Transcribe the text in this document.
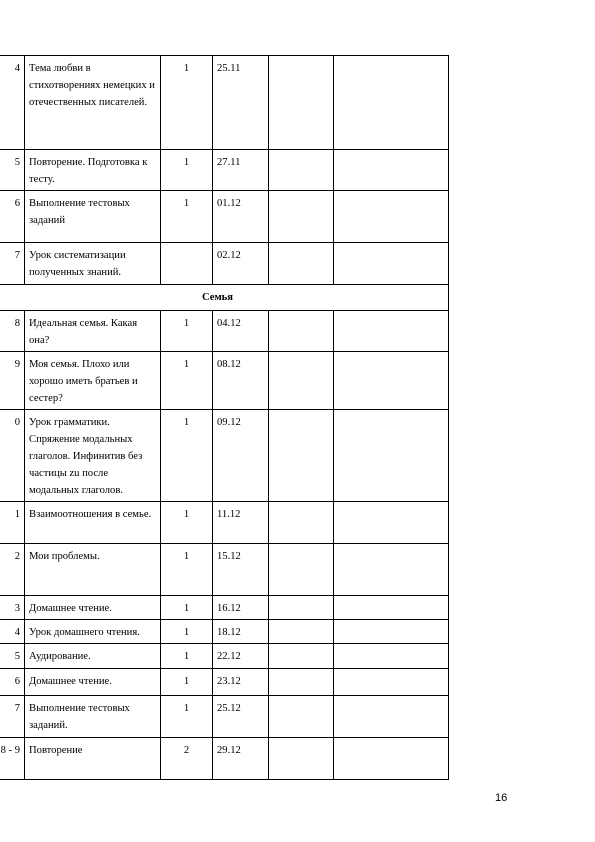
4	Тема любви в стихотворениях немецких и отечественных писателей.	1	25.11		
5	Повторение. Подготовка к тесту.	1	27.11		
6	Выполнение тестовых заданий	1	01.12		
7	Урок систематизации полученных знаний.		02.12		
Семья					
8	Идеальная семья. Какая она?	1	04.12		
9	Моя семья. Плохо или хорошо иметь братьев и сестер?	1	08.12		
0	Урок грамматики. Спряжение модальных глаголов. Инфинитив без частицы zu после модальных глаголов.	1	09.12		
1	Взаимоотношения в семье.	1	11.12		
2	Мои проблемы.	1	15.12		
3	Домашнее чтение.	1	16.12		
4	Урок домашнего чтения.	1	18.12		
5	Аудирование.	1	22.12		
6	Домашнее чтение.	1	23.12		
7	Выполнение тестовых заданий.	1	25.12		
8 - 9	Повторение	2	29.12		
16
